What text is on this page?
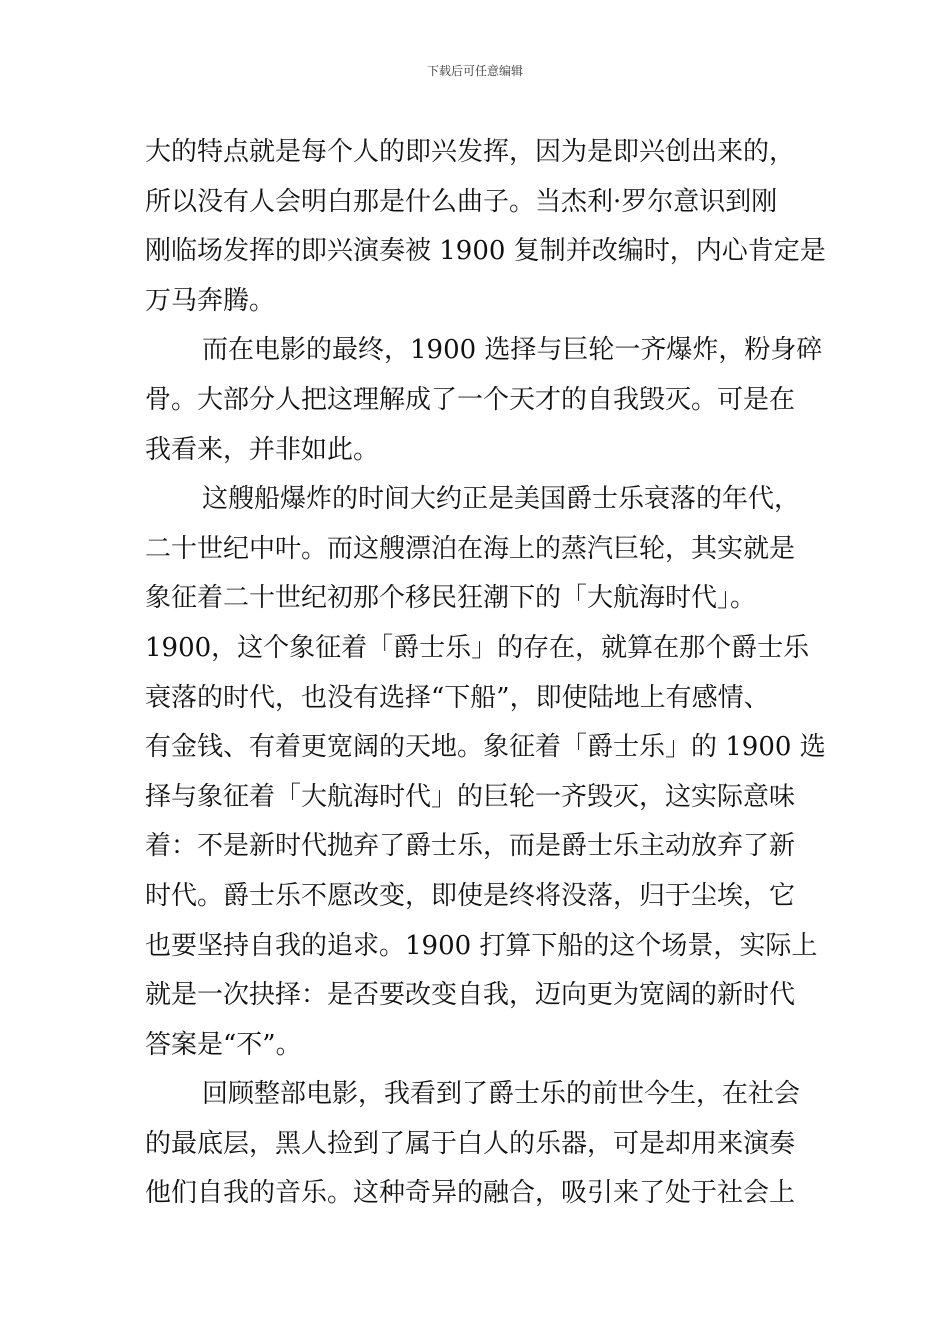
下载后可任意编辑
大的特点就是每个人的即兴发挥，因为是即兴创出来的，
所以没有人会明白那是什么曲子。当杰利·罗尔意识到刚
刚临场发挥的即兴演奏被 1900 复制并改编时，内心肯定是
万马奔腾。
而在电影的最终，1900 选择与巨轮一齐爆炸，粉身碎
骨。大部分人把这理解成了一个天才的自我毁灭。可是在
我看来，并非如此。
这艘船爆炸的时间大约正是美国爵士乐衰落的年代，
二十世纪中叶。而这艘漂泊在海上的蒸汽巨轮，其实就是
象征着二十世纪初那个移民狂潮下的「大航海时代」。
1900，这个象征着「爵士乐」的存在，就算在那个爵士乐
衰落的时代，也没有选择“下船”，即使陆地上有感情、
有金钱、有着更宽阔的天地。象征着「爵士乐」的 1900 选
择与象征着「大航海时代」的巨轮一齐毁灭，这实际意味
着：不是新时代抛弃了爵士乐，而是爵士乐主动放弃了新
时代。爵士乐不愿改变，即使是终将没落，归于尘埃，它
也要坚持自我的追求。1900 打算下船的这个场景，实际上
就是一次抉择：是否要改变自我，迈向更为宽阔的新时代
答案是“不”。
回顾整部电影，我看到了爵士乐的前世今生，在社会
的最底层，黑人捡到了属于白人的乐器，可是却用来演奏
他们自我的音乐。这种奇异的融合，吸引来了处于社会上
